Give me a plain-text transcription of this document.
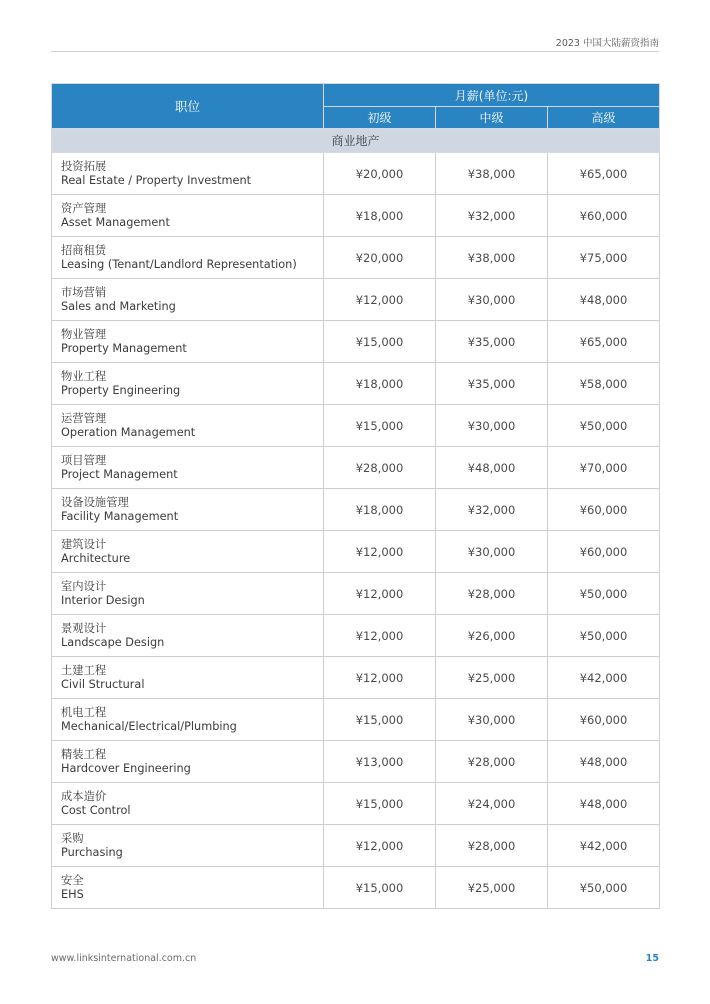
2023 中国大陆薪资指南
职位	月薪(单位:元)		
	初级	中级	高级
商业地产			

投资拓展
Real Estate / Property Investment	¥20,000	¥38,000	¥65,000

资产管理
Asset Management	¥18,000	¥32,000	¥60,000

招商租赁
Leasing (Tenant/Landlord Representation)	¥20,000	¥38,000	¥75,000

市场营销
Sales and Marketing	¥12,000	¥30,000	¥48,000

物业管理
Property Management	¥15,000	¥35,000	¥65,000

物业工程
Property Engineering	¥18,000	¥35,000	¥58,000

运营管理
Operation Management	¥15,000	¥30,000	¥50,000

项目管理
Project Management	¥28,000	¥48,000	¥70,000

设备设施管理
Facility Management	¥18,000	¥32,000	¥60,000

建筑设计
Architecture	¥12,000	¥30,000	¥60,000

室内设计
Interior Design	¥12,000	¥28,000	¥50,000

景观设计
Landscape Design	¥12,000	¥26,000	¥50,000

土建工程
Civil Structural	¥12,000	¥25,000	¥42,000

机电工程
Mechanical/Electrical/Plumbing	¥15,000	¥30,000	¥60,000

精装工程
Hardcover Engineering	¥13,000	¥28,000	¥48,000

成本造价
Cost Control	¥15,000	¥24,000	¥48,000

采购
Purchasing	¥12,000	¥28,000	¥42,000

安全
EHS	¥15,000	¥25,000	¥50,000
www.linksinternational.com.cn	15
